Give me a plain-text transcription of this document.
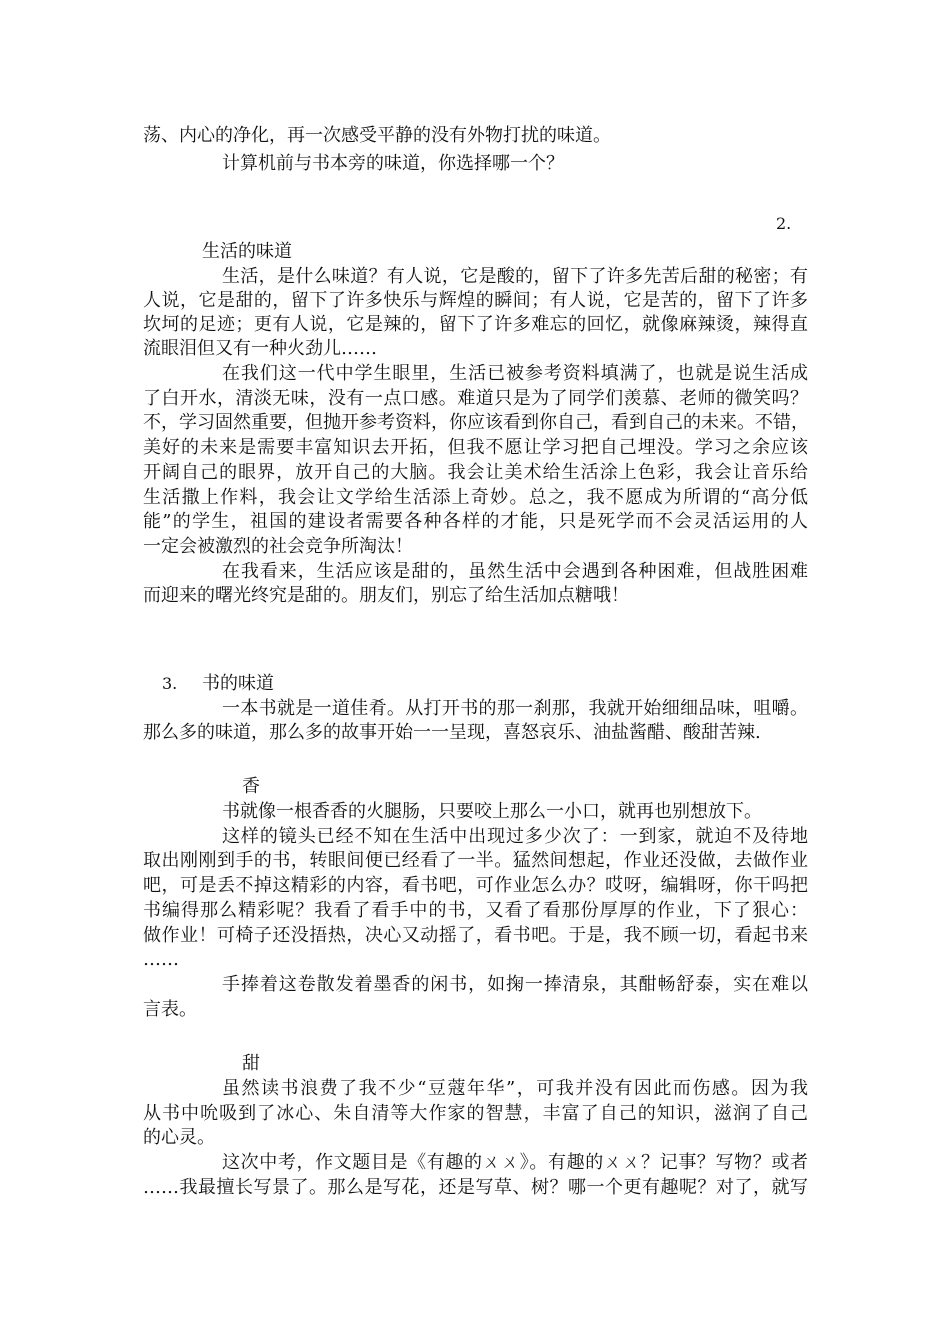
荡、内心的净化，再一次感受平静的没有外物打扰的味道。
计算机前与书本旁的味道，你选择哪一个？
2.
生活的味道
生活，是什么味道？有人说，它是酸的，留下了许多先苦后甜的秘密；有
人说，它是甜的，留下了许多快乐与辉煌的瞬间；有人说，它是苦的，留下了许多
坎坷的足迹；更有人说，它是辣的，留下了许多难忘的回忆，就像麻辣烫，辣得直
流眼泪但又有一种火劲儿……
在我们这一代中学生眼里，生活已被参考资料填满了，也就是说生活成
了白开水，清淡无味，没有一点口感。难道只是为了同学们羡慕、老师的微笑吗？
不，学习固然重要，但抛开参考资料，你应该看到你自己，看到自己的未来。不错，
美好的未来是需要丰富知识去开拓，但我不愿让学习把自己埋没。学习之余应该
开阔自己的眼界，放开自己的大脑。我会让美术给生活涂上色彩，我会让音乐给
生活撒上作料，我会让文学给生活添上奇妙。总之，我不愿成为所谓的“高分低
能”的学生，祖国的建设者需要各种各样的才能，只是死学而不会灵活运用的人
一定会被激烈的社会竞争所淘汰！
在我看来，生活应该是甜的，虽然生活中会遇到各种困难，但战胜困难
而迎来的曙光终究是甜的。朋友们，别忘了给生活加点糖哦！
3. 书的味道
一本书就是一道佳肴。从打开书的那一刹那，我就开始细细品味，咀嚼。
那么多的味道，那么多的故事开始一一呈现，喜怒哀乐、油盐酱醋、酸甜苦辣.
香
书就像一根香香的火腿肠，只要咬上那么一小口，就再也别想放下。
这样的镜头已经不知在生活中出现过多少次了：一到家，就迫不及待地
取出刚刚到手的书，转眼间便已经看了一半。猛然间想起，作业还没做，去做作业
吧，可是丢不掉这精彩的内容，看书吧，可作业怎么办？哎呀，编辑呀，你干吗把
书编得那么精彩呢？我看了看手中的书，又看了看那份厚厚的作业，下了狠心：
做作业！可椅子还没捂热，决心又动摇了，看书吧。于是，我不顾一切，看起书来
……
手捧着这卷散发着墨香的闲书，如掬一捧清泉，其酣畅舒泰，实在难以
言表。
甜
虽然读书浪费了我不少“豆蔻年华”，可我并没有因此而伤感。因为我
从书中吮吸到了冰心、朱自清等大作家的智慧，丰富了自己的知识，滋润了自己
的心灵。
这次中考，作文题目是《有趣的ㄨㄨ》。有趣的ㄨㄨ？记事？写物？或者
……我最擅长写景了。那么是写花，还是写草、树？哪一个更有趣呢？对了，就写
